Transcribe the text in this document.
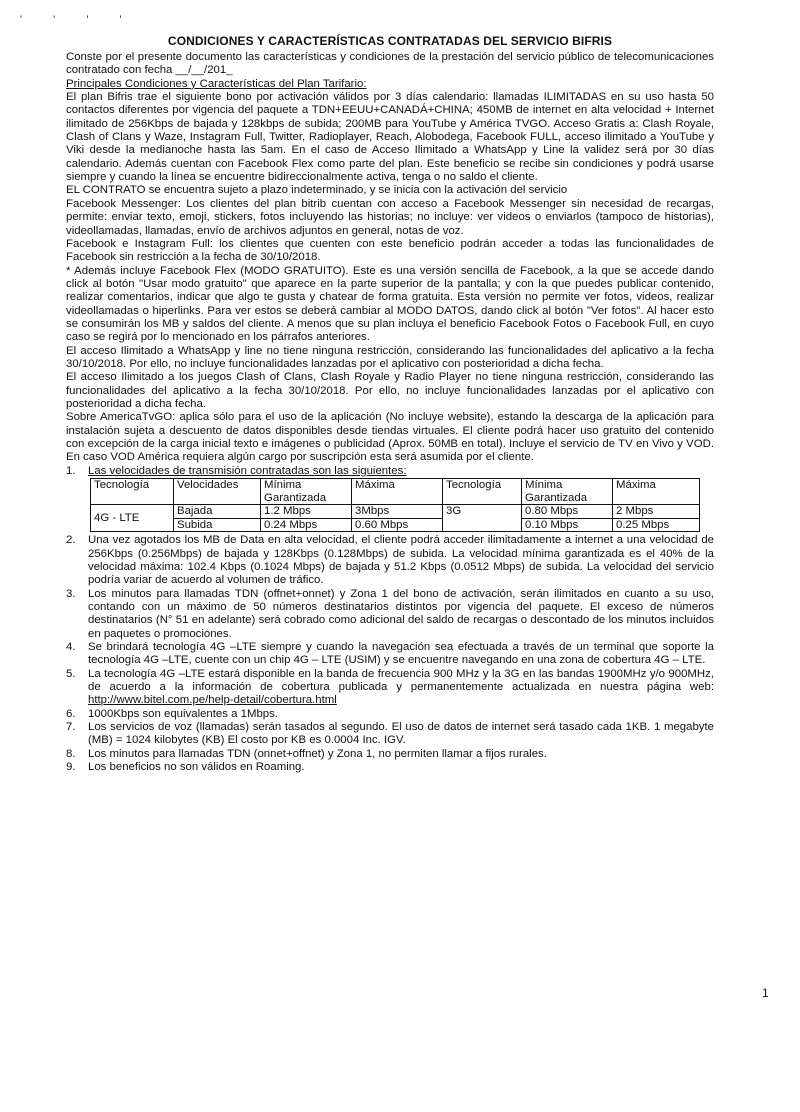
' ' ' '
CONDICIONES Y CARACTERÍSTICAS CONTRATADAS DEL SERVICIO BIFRIS

Conste por el presente documento las características y condiciones de la prestación del servicio público de telecomunicaciones contratado con fecha __/__/201_

Principales Condiciones y Características del Plan Tarifario:

El plan Bifris trae el siguiente bono por activación válidos por 3 días calendario: llamadas ILIMITADAS en su uso hasta 50 contactos diferentes por vigencia del paquete a TDN+EEUU+CANADÁ+CHINA; 450MB de internet en alta velocidad + Internet ilimitado de 256Kbps de bajada y 128kbps de subida; 200MB para YouTube y América TVGO. Acceso Gratis a: Clash Royale, Clash of Clans y Waze, Instagram Full, Twitter, Radioplayer, Reach, Alobodega, Facebook FULL, acceso ilimitado a YouTube y Viki desde la medianoche hasta las 5am. En el caso de Acceso Ilimitado a WhatsApp y Line la validez será por 30 días calendario. Además cuentan con Facebook Flex como parte del plan. Este beneficio se recibe sin condiciones y podrá usarse siempre y cuando la línea se encuentre bidireccionalmente activa, tenga o no saldo el cliente.

EL CONTRATO se encuentra sujeto a plazo indeterminado, y se inicia con la activación del servicio

Facebook Messenger: Los clientes del plan bitrib cuentan con acceso a Facebook Messenger sin necesidad de recargas, permite: enviar texto, emoji, stickers, fotos incluyendo las historias; no incluye: ver videos o enviarlos (tampoco de historias), videollamadas, llamadas, envío de archivos adjuntos en general, notas de voz.

Facebook e Instagram Full: los clientes que cuenten con este beneficio podrán acceder a todas las funcionalidades de Facebook sin restricción a la fecha de 30/10/2018.

* Además incluye Facebook Flex (MODO GRATUITO). Este es una versión sencilla de Facebook, a la que se accede dando click al botón "Usar modo gratuito" que aparece en la parte superior de la pantalla; y con la que puedes publicar contenido, realizar comentarios, indicar que algo te gusta y chatear de forma gratuita. Esta versión no permite ver fotos, videos, realizar videollamadas o hiperlinks. Para ver estos se deberá cambiar al MODO DATOS, dando click al botón "Ver fotos". Al hacer esto se consumirán los MB y saldos del cliente. A menos que su plan incluya el beneficio Facebook Fotos o Facebook Full, en cuyo caso se regirá por lo mencionado en los párrafos anteriores.

El acceso Ilimitado a WhatsApp y line no tiene ninguna restricción, considerando las funcionalidades del aplicativo a la fecha 30/10/2018. Por ello, no incluye funcionalidades lanzadas por el aplicativo con posterioridad a dicha fecha.

El acceso Ilimitado a los juegos Clash of Clans, Clash Royale y Radio Player no tiene ninguna restricción, considerando las funcionalidades del aplicativo a la fecha 30/10/2018. Por ello, no incluye funcionalidades lanzadas por el aplicativo con posterioridad a dicha fecha.

Sobre AmericaTvGO: aplica sólo para el uso de la aplicación (No incluye website), estando la descarga de la aplicación para instalación sujeta a descuento de datos disponibles desde tiendas virtuales. El cliente podrá hacer uso gratuito del contenido con excepción de la carga inicial texto e imágenes o publicidad (Aprox. 50MB en total). Incluye el servicio de TV en Vivo y VOD. En caso VOD América requiera algún cargo por suscripción esta será asumida por el cliente.

1. Las velocidades de transmisión contratadas son las siguientes:
Tecnología	Velocidades	Mínima Garantizada	Máxima	Tecnología	Mínima Garantizada	Máxima
4G - LTE	Bajada	1.2 Mbps	3Mbps	3G	0.80 Mbps	2 Mbps
	Subida	0.24 Mbps	0.60 Mbps		0.10 Mbps	0.25 Mbps
2. Una vez agotados los MB de Data en alta velocidad, el cliente podrá acceder ilimitadamente a internet a una velocidad de 256Kbps (0.256Mbps) de bajada y 128Kbps (0.128Mbps) de subida. La velocidad mínima garantizada es el 40% de la velocidad máxima: 102.4 Kbps (0.1024 Mbps) de bajada y 51.2 Kbps (0.0512 Mbps) de subida. La velocidad del servicio podría variar de acuerdo al volumen de tráfico.
3. Los minutos para llamadas TDN (offnet+onnet) y Zona 1 del bono de activación, serán ilimitados en cuanto a su uso, contando con un máximo de 50 números destinatarios distintos por vigencia del paquete. El exceso de números destinatarios (N° 51 en adelante) será cobrado como adicional del saldo de recargas o descontado de los minutos incluidos en paquetes o promociones.
4. Se brindará tecnología 4G –LTE siempre y cuando la navegación sea efectuada a través de un terminal que soporte la tecnología 4G –LTE, cuente con un chip 4G – LTE (USIM) y se encuentre navegando en una zona de cobertura 4G – LTE.
5. La tecnología 4G –LTE estará disponible en la banda de frecuencia 900 MHz y la 3G en las bandas 1900MHz y/o 900MHz, de acuerdo a la información de cobertura publicada y permanentemente actualizada en nuestra página web: http://www.bitel.com.pe/help-detail/cobertura.html
6. 1000Kbps son equivalentes a 1Mbps.
7. Los servicios de voz (llamadas) serán tasados al segundo. El uso de datos de internet será tasado cada 1KB. 1 megabyte (MB) = 1024 kilobytes (KB) El costo por KB es 0.0004 Inc. IGV.
8. Los minutos para llamadas TDN (onnet+offnet) y Zona 1, no permiten llamar a fijos rurales.
9. Los beneficios no son válidos en Roaming.
1
